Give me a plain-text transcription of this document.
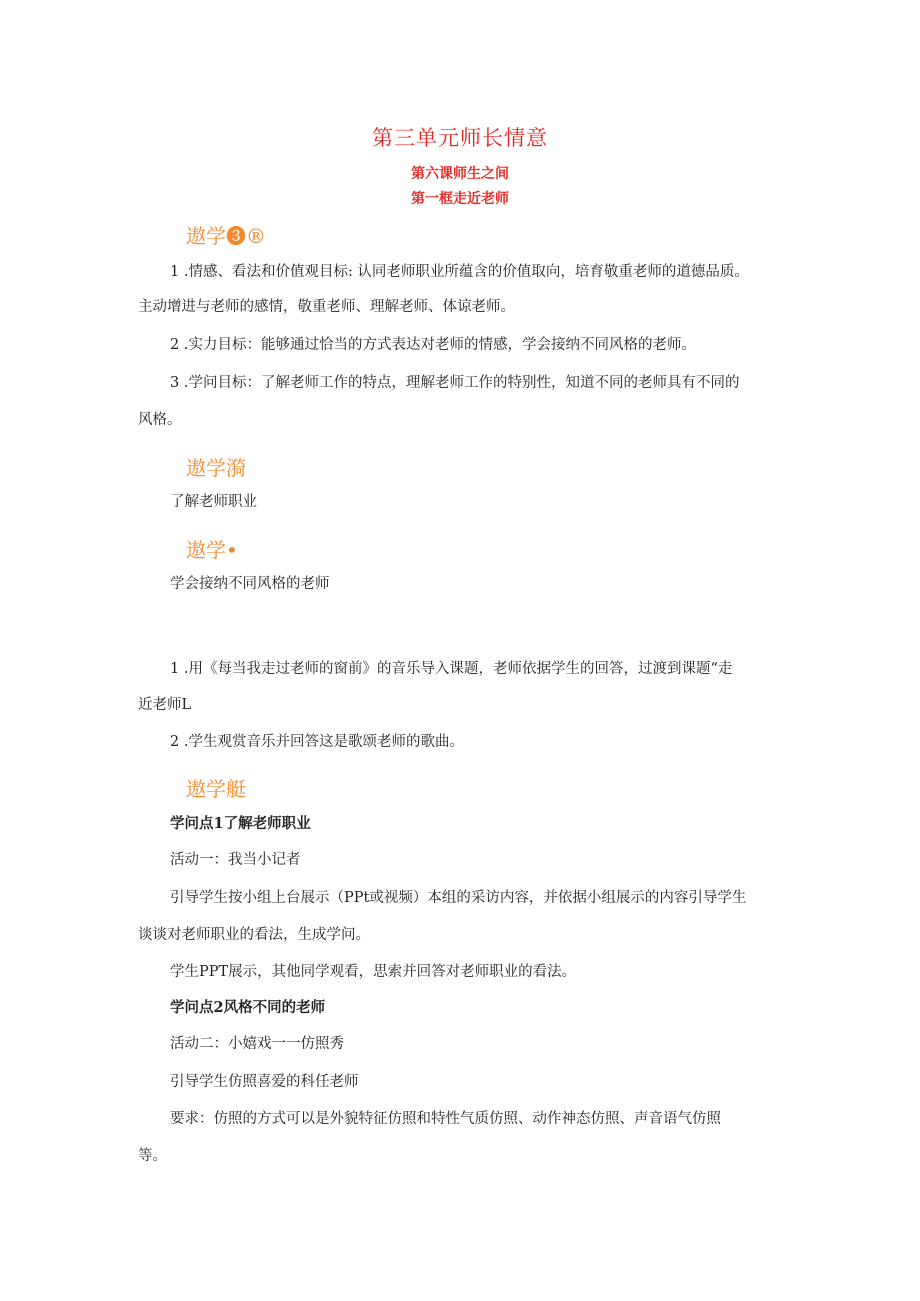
第三单元师长情意
第六课师生之间
第一框走近老师
遨学❸®
1 .情感、看法和价值观目标: 认同老师职业所蕴含的价值取向，培育敬重老师的道德品质。
主动增进与老师的感情，敬重老师、理解老师、体谅老师。
2 .实力目标：能够通过恰当的方式表达对老师的情感，学会接纳不同风格的老师。
3 .学问目标：了解老师工作的特点，理解老师工作的特别性，知道不同的老师具有不同的
风格。
遨学漪
了解老师职业
遨学•
学会接纳不同风格的老师
1 .用《每当我走过老师的窗前》的音乐导入课题，老师依据学生的回答，过渡到课题“走
近老师L
2 .学生观赏音乐并回答这是歌颂老师的歌曲。
遨学艇
学问点1了解老师职业
活动一：我当小记者
引导学生按小组上台展示（PPt或视频）本组的采访内容，并依据小组展示的内容引导学生
谈谈对老师职业的看法，生成学问。
学生PPT展示，其他同学观看，思索并回答对老师职业的看法。
学问点2风格不同的老师
活动二：小嬉戏一一仿照秀
引导学生仿照喜爱的科任老师
要求：仿照的方式可以是外貌特征仿照和特性气质仿照、动作神态仿照、声音语气仿照
等。
